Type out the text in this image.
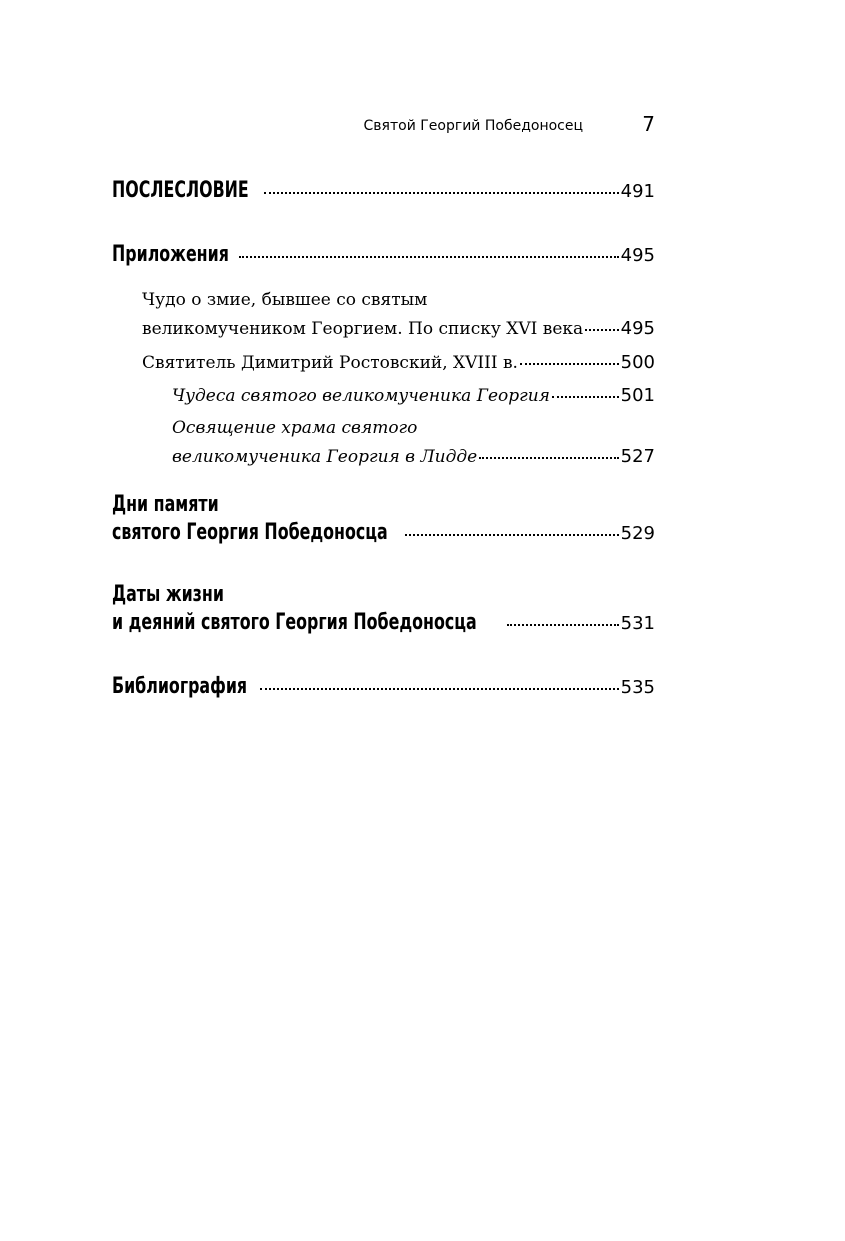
Святой Георгий Победоносец	7
ПОСЛЕСЛОВИЕ	491
Приложения	495
Чудо о змие, бывшее со святым
великомучеником Георгием. По списку XVI века 495
Святитель Димитрий Ростовский, XVIII в.	500
Чудеса святого великомученика Георгия	501
Освящение храма святого
великомученика Георгия в Лидде	527
Дни памяти
святого Георгия Победоносца	529
Даты жизни
и деяний святого Георгия Победоносца	531
Библиография	535
